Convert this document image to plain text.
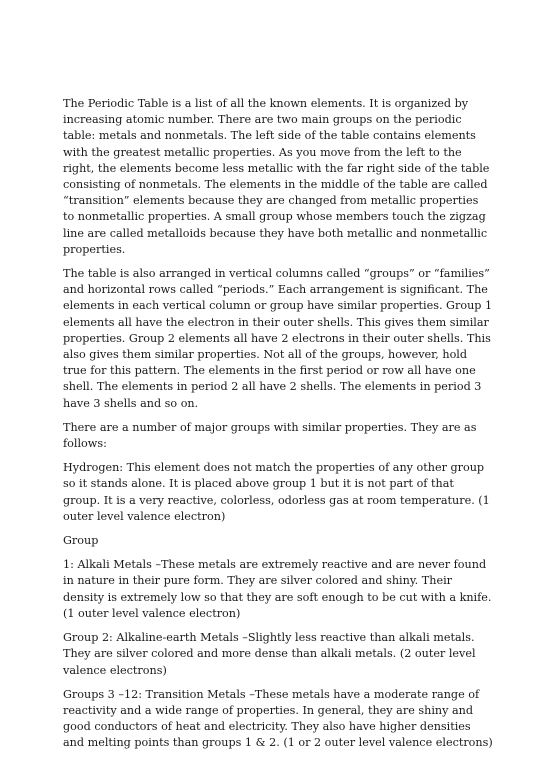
The Periodic Table is a list of all the known elements. It is organized by increasing atomic number. There are two main groups on the periodic table: metals and nonmetals. The left side of the table contains elements with the greatest metallic properties. As you move from the left to the right, the elements become less metallic with the far right side of the table consisting of nonmetals. The elements in the middle of the table are called “transition” elements because they are changed from metallic properties to nonmetallic properties. A small group whose members touch the zigzag line are called metalloids because they have both metallic and nonmetallic properties.

The table is also arranged in vertical columns called “groups” or “families” and horizontal rows called “periods.” Each arrangement is significant. The elements in each vertical column or group have similar properties. Group 1 elements all have the electron in their outer shells. This gives them similar properties. Group 2 elements all have 2 electrons in their outer shells. This also gives them similar properties. Not all of the groups, however, hold true for this pattern. The elements in the first period or row all have one shell. The elements in period 2 all have 2 shells. The elements in period 3 have 3 shells and so on.

There are a number of major groups with similar properties. They are as follows:

Hydrogen: This element does not match the properties of any other group so it stands alone. It is placed above group 1 but it is not part of that group. It is a very reactive, colorless, odorless gas at room temperature. (1 outer level valence electron)

Group

1: Alkali Metals –These metals are extremely reactive and are never found in nature in their pure form. They are silver colored and shiny. Their density is extremely low so that they are soft enough to be cut with a knife. (1 outer level valence electron)

Group 2: Alkaline-earth Metals –Slightly less reactive than alkali metals. They are silver colored and more dense than alkali metals. (2 outer level valence electrons)

Groups 3 –12: Transition Metals –These metals have a moderate range of reactivity and a wide range of properties. In general, they are shiny and good conductors of heat and electricity. They also have higher densities and melting points than groups 1 & 2. (1 or 2 outer level valence electrons)
